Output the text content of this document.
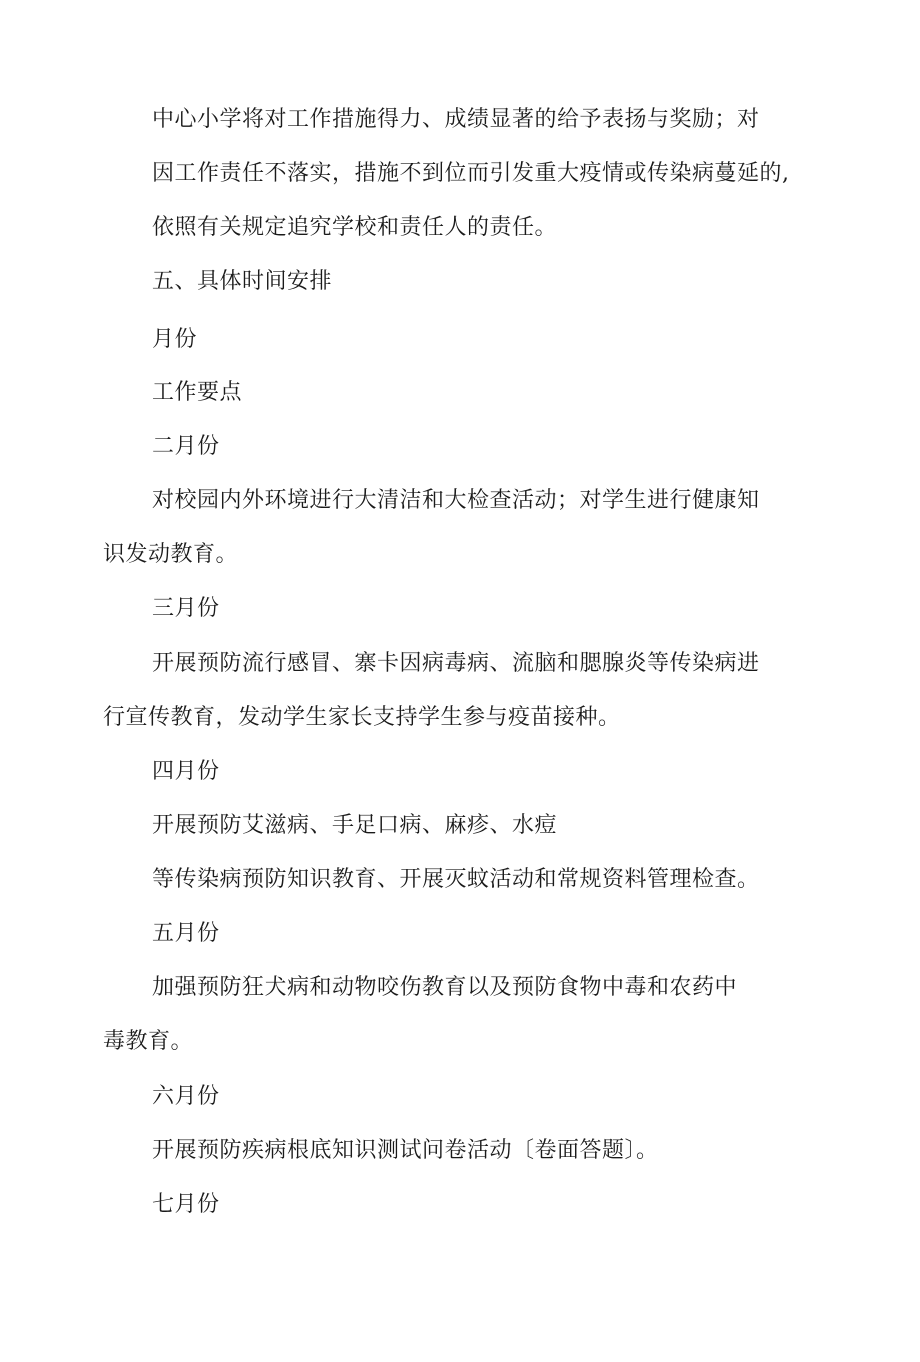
中心小学将对工作措施得力、成绩显著的给予表扬与奖励；对
因工作责任不落实，措施不到位而引发重大疫情或传染病蔓延的,
依照有关规定追究学校和责任人的责任。
五、具体时间安排
月份
工作要点
二月份
对校园内外环境进行大清洁和大检查活动；对学生进行健康知
识发动教育。
三月份
开展预防流行感冒、寨卡因病毒病、流脑和腮腺炎等传染病进
行宣传教育，发动学生家长支持学生参与疫苗接种。
四月份
开展预防艾滋病、手足口病、麻疹、水痘
等传染病预防知识教育、开展灭蚊活动和常规资料管理检查。
五月份
加强预防狂犬病和动物咬伤教育以及预防食物中毒和农药中
毒教育。
六月份
开展预防疾病根底知识测试问卷活动〔卷面答题〕。
七月份
